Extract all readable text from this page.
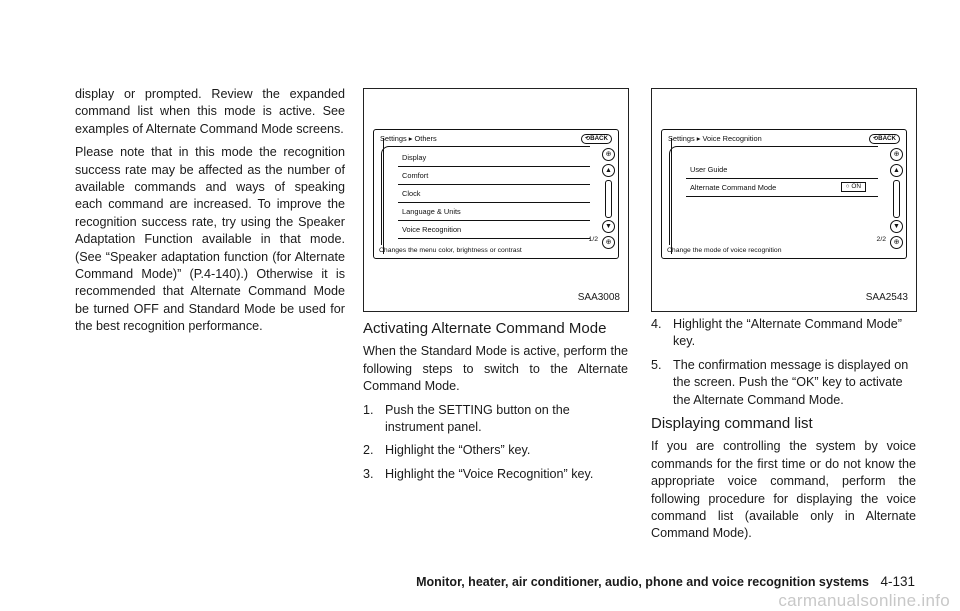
display or prompted. Review the expanded command list when this mode is active. See examples of Alternate Command Mode screens.

Please note that in this mode the recognition success rate may be affected as the number of available commands and ways of speaking each command are increased. To improve the recognition success rate, try using the Speaker Adaptation Function available in that mode. (See “Speaker adaptation function (for Alternate Command Mode)” (P.4-140).) Otherwise it is recommended that Alternate Command Mode be turned OFF and Standard Mode be used for the best recognition performance.

Settings ▸ Others	⟲BACK
Display
Comfort
Clock
Language & Units
Voice Recognition
⊕
▲
▼
⊕
1/2
Changes the menu color, brightness or contrast
SAA3008
Settings ▸ Voice Recognition	⟲BACK
User Guide
Alternate Command Mode	○ ON
⊕
▲
▼
⊕
2/2
Change the mode of voice recognition
SAA2543
Activating Alternate Command Mode

When the Standard Mode is active, perform the following steps to switch to the Alternate Command Mode.

1. Push the SETTING button on the instrument panel.
2. Highlight the “Others” key.
3. Highlight the “Voice Recognition” key.
4. Highlight the “Alternate Command Mode” key.
5. The confirmation message is displayed on the screen. Push the “OK” key to activate the Alternate Command Mode.
Displaying command list

If you are controlling the system by voice commands for the first time or do not know the appropriate voice command, perform the following procedure for displaying the voice command list (available only in Alternate Command Mode).

Monitor, heater, air conditioner, audio, phone and voice recognition systems 4-131
carmanualsonline.info
